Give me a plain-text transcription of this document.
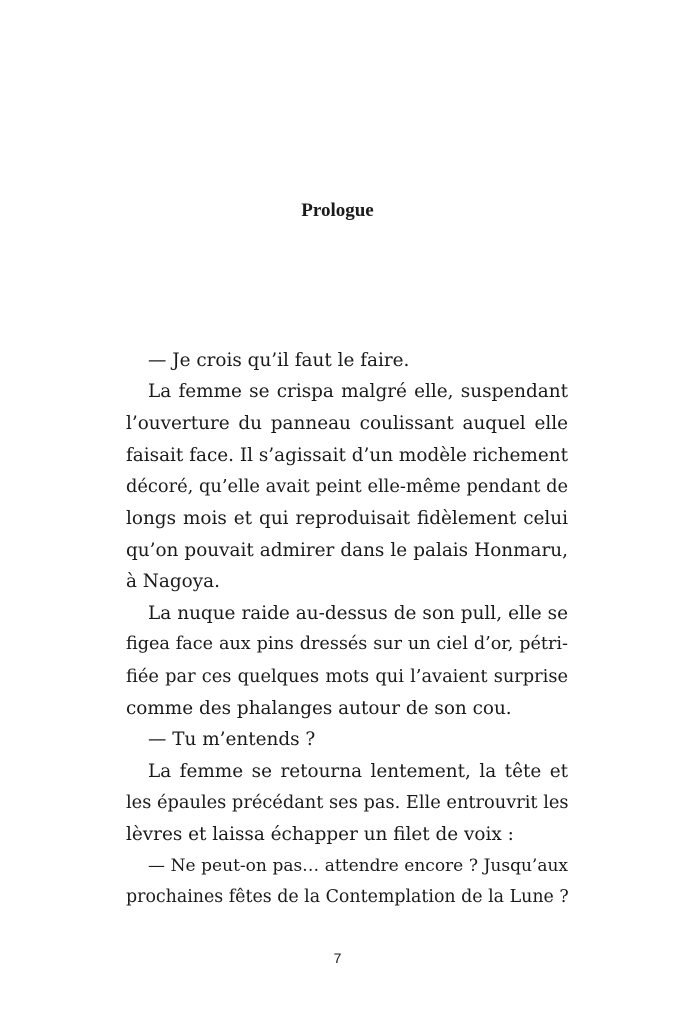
Prologue
— Je crois qu’il faut le faire.
La femme se crispa malgré elle, suspendant
l’ouverture du panneau coulissant auquel elle
faisait face. Il s’agissait d’un modèle richement
décoré, qu’elle avait peint elle-même pendant de
longs mois et qui reproduisait fidèlement celui
qu’on pouvait admirer dans le palais Honmaru,
à Nagoya.
La nuque raide au-dessus de son pull, elle se
figea face aux pins dressés sur un ciel d’or, pétri-
fiée par ces quelques mots qui l’avaient surprise
comme des phalanges autour de son cou.
— Tu m’entends ?
La femme se retourna lentement, la tête et
les épaules précédant ses pas. Elle entrouvrit les
lèvres et laissa échapper un filet de voix :
— Ne peut-on pas… attendre encore ? Jusqu’aux
prochaines fêtes de la Contemplation de la Lune ?
7
